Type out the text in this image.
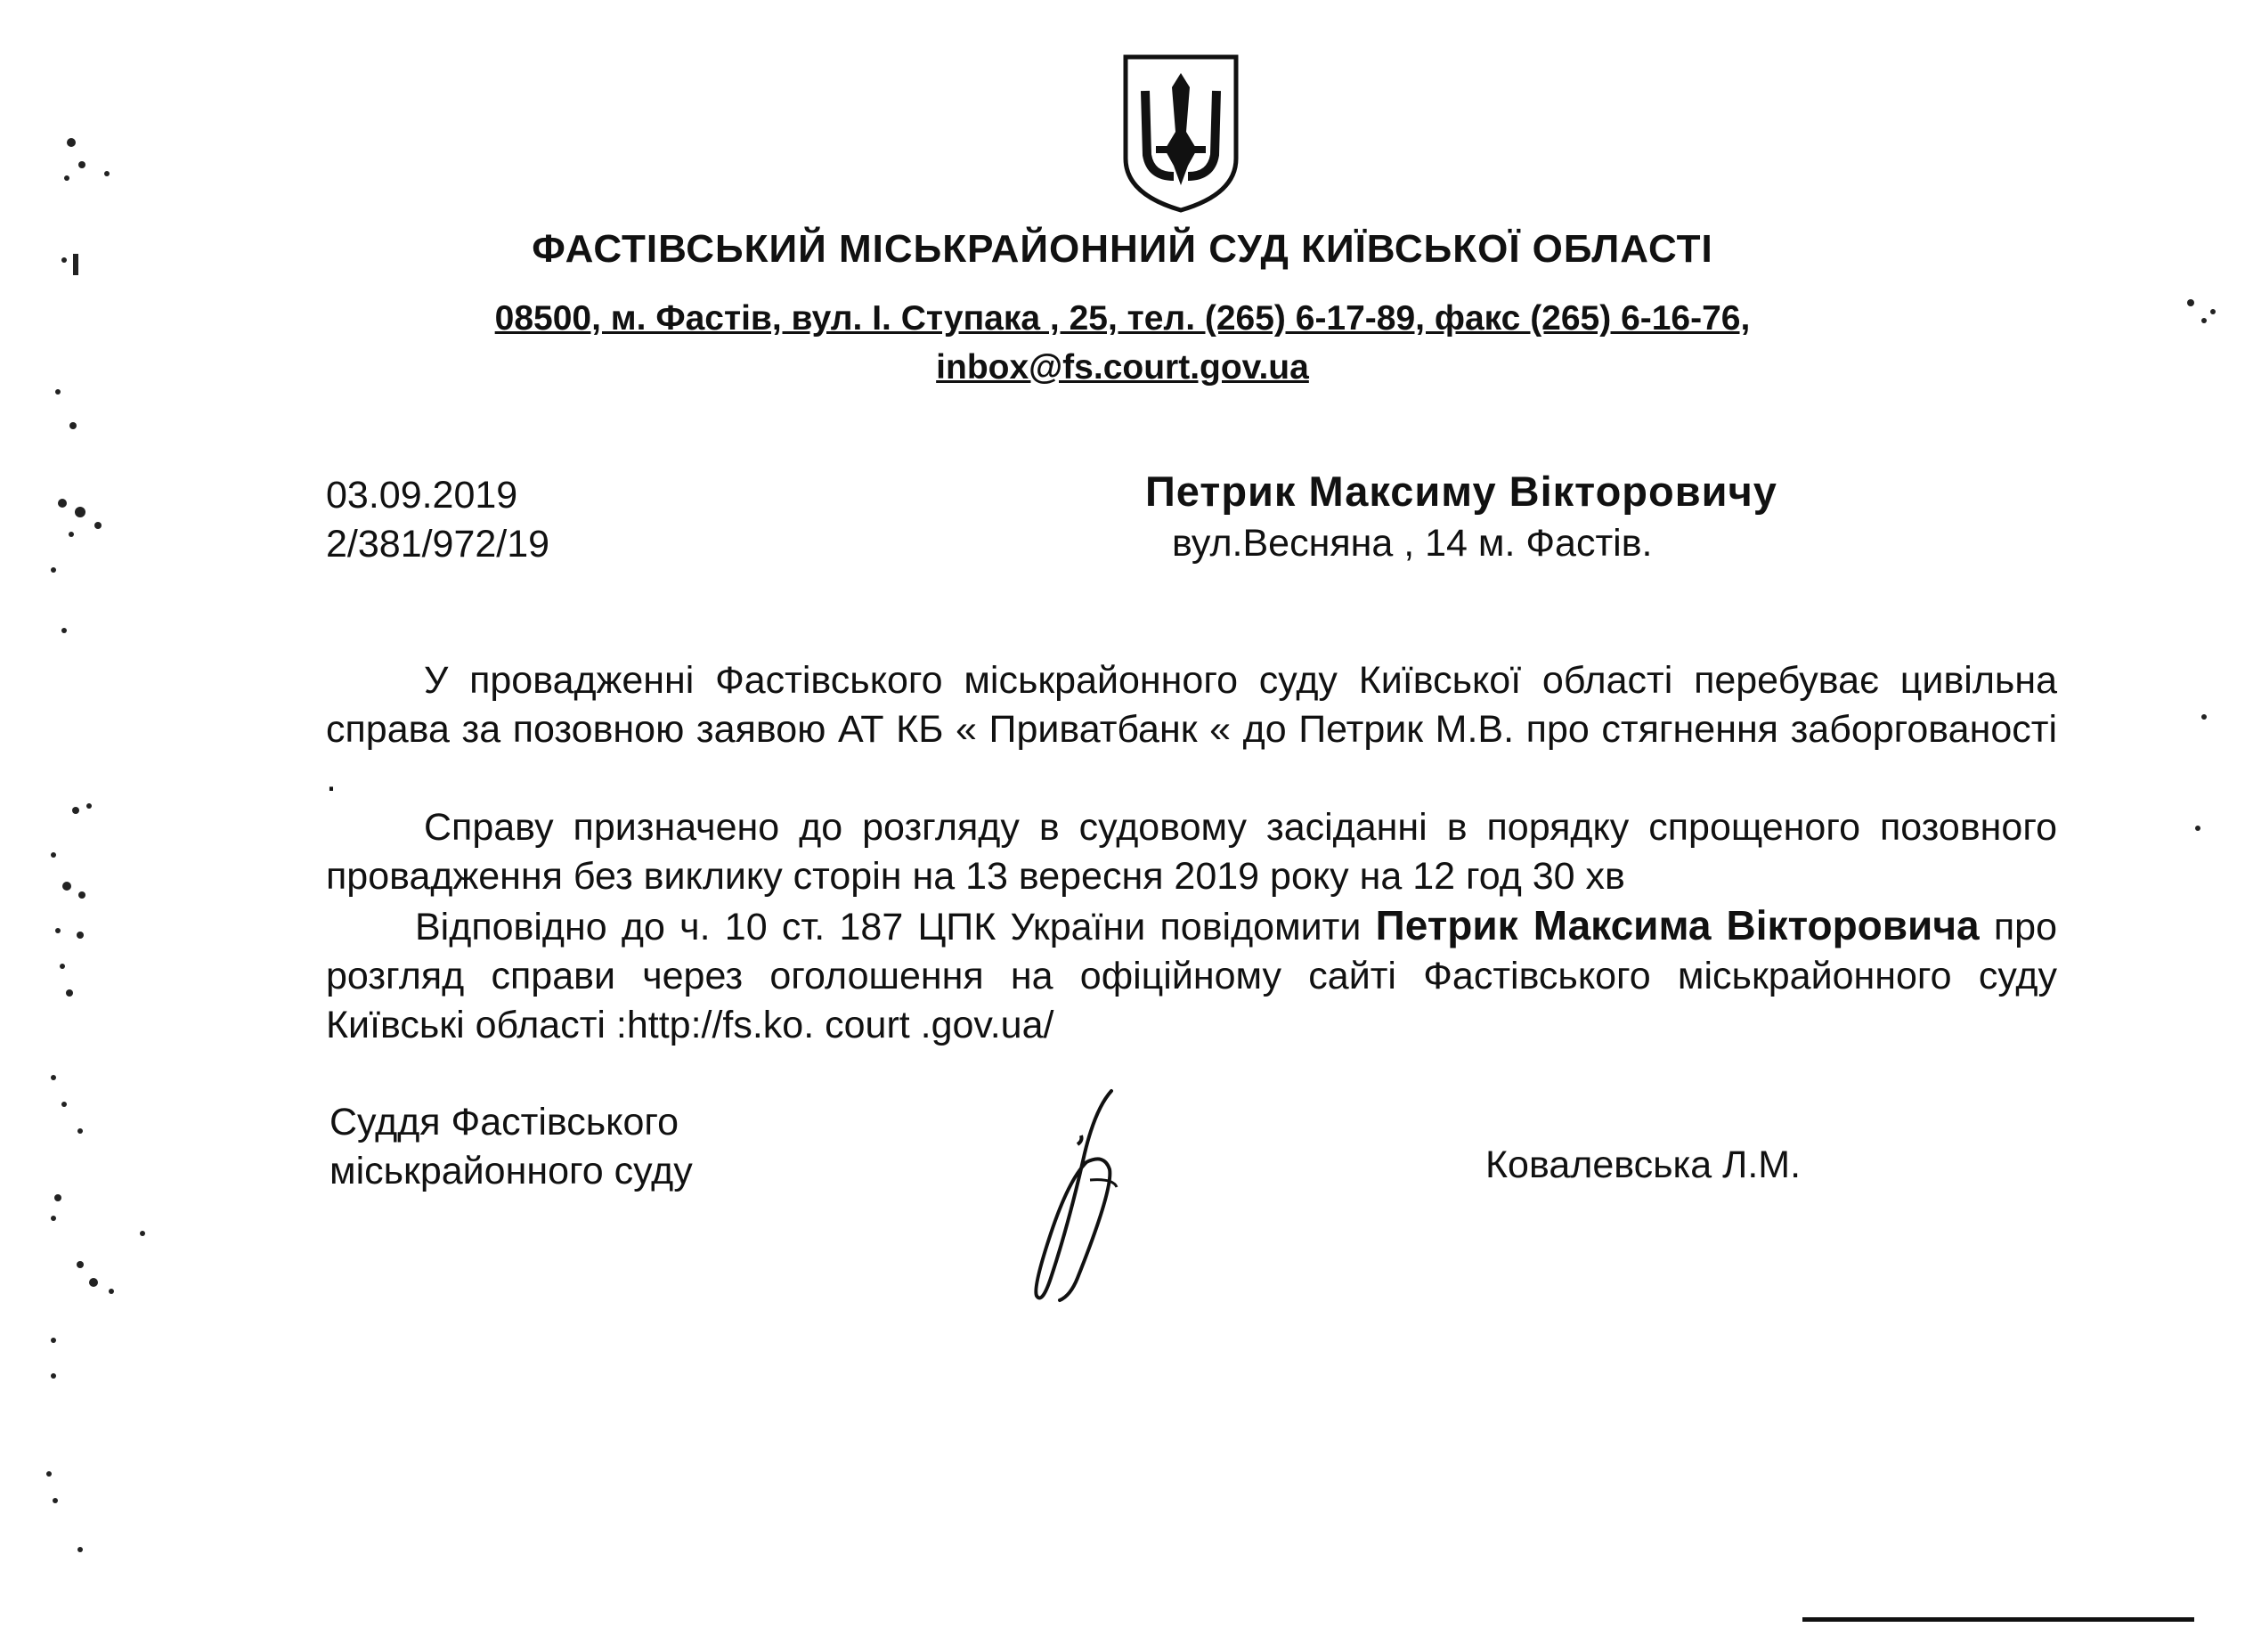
ФАСТІВСЬКИЙ МІСЬКРАЙОННИЙ СУД КИЇВСЬКОЇ ОБЛАСТІ
08500, м. Фастів, вул. І. Ступака , 25, тел. (265) 6-17-89, факс (265) 6-16-76,
inbox@fs.court.gov.ua
03.09.2019
2/381/972/19
Петрик Максиму Вікторовичу
вул.Весняна , 14 м. Фастів.

У провадженні Фастівського міськрайонного суду Київської області перебуває цивільна справа за позовною заявою АТ КБ « Приватбанк « до Петрик М.В. про стягнення заборгованості .

Справу призначено до розгляду в судовому засіданні в порядку спрощеного позовного провадження без виклику сторін на 13 вересня 2019 року на 12 год 30 хв

Відповідно до ч. 10 ст. 187 ЦПК України повідомити Петрик Максима Вікторовича про розгляд справи через оголошення на офіційному сайті Фастівського міськрайонного суду Київські області :http://fs.ko. court .gov.ua/

Суддя Фастівського
міськрайонного суду	Ковалевська Л.М.
